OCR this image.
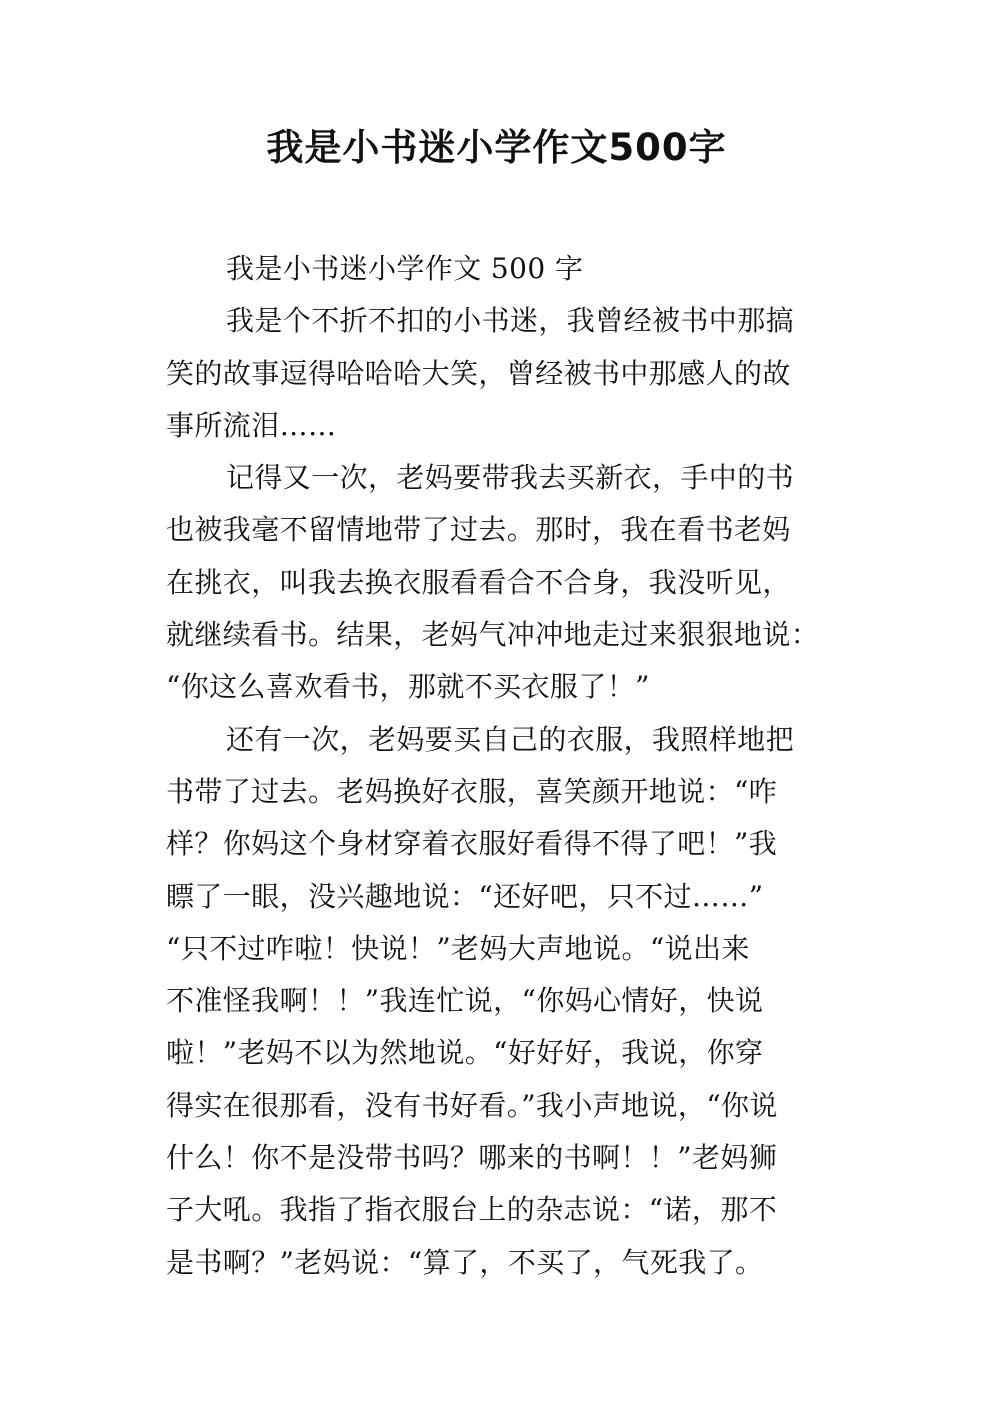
我是小书迷小学作文500字
我是小书迷小学作文 500 字
我是个不折不扣的小书迷，我曾经被书中那搞
笑的故事逗得哈哈哈大笑，曾经被书中那感人的故
事所流泪……
记得又一次，老妈要带我去买新衣，手中的书
也被我毫不留情地带了过去。那时，我在看书老妈
在挑衣，叫我去换衣服看看合不合身，我没听见，
就继续看书。结果，老妈气冲冲地走过来狠狠地说：
“你这么喜欢看书，那就不买衣服了！”
还有一次，老妈要买自己的衣服，我照样地把
书带了过去。老妈换好衣服，喜笑颜开地说：“咋
样？你妈这个身材穿着衣服好看得不得了吧！”我
瞟了一眼，没兴趣地说：“还好吧，只不过……”
“只不过咋啦！快说！”老妈大声地说。“说出来
不准怪我啊！！”我连忙说，“你妈心情好，快说
啦！”老妈不以为然地说。“好好好，我说，你穿
得实在很那看，没有书好看。”我小声地说，“你说
什么！你不是没带书吗？哪来的书啊！！”老妈狮
子大吼。我指了指衣服台上的杂志说：“诺，那不
是书啊？”老妈说：“算了，不买了，气死我了。
